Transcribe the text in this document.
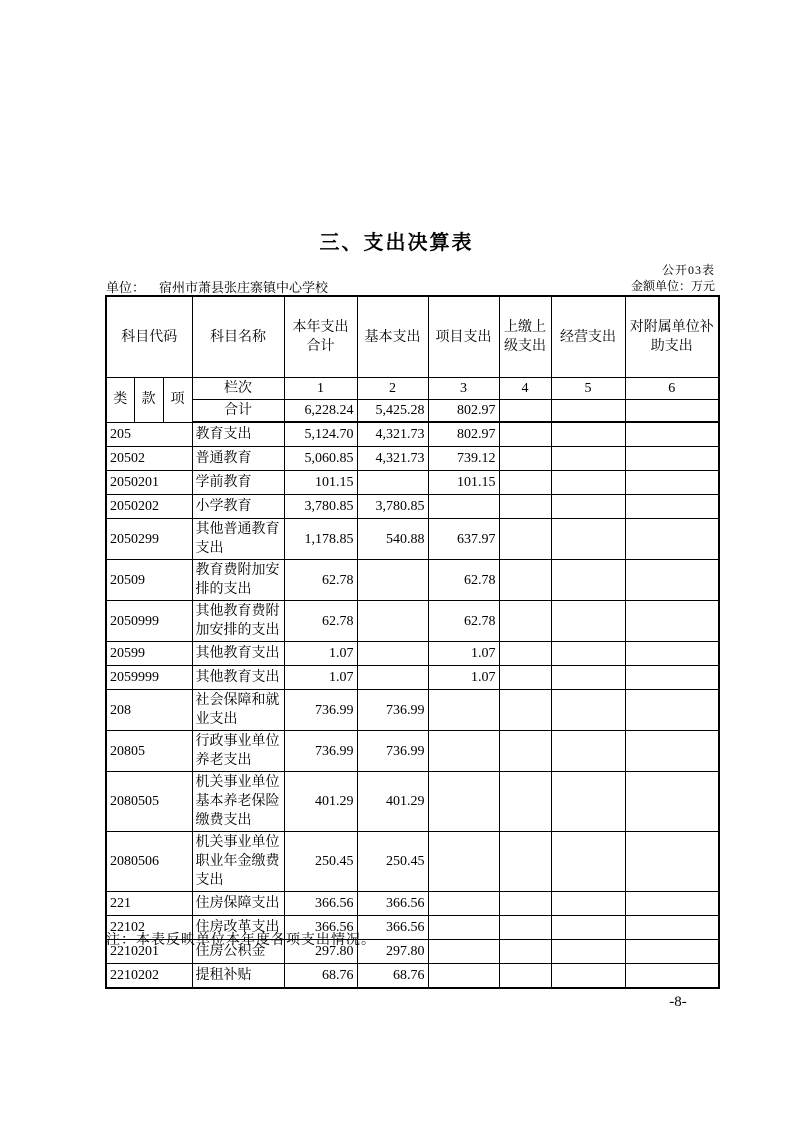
三、支出决算表
公开03表
单位： 宿州市萧县张庄寨镇中心学校	金额单位：万元
科目代码			科目名称	本年支出合计	基本支出	项目支出	上缴上级支出	经营支出	对附属单位补助支出
类	款	项	栏次	1	2	3	4	5	6
			合计	6,228.24	5,425.28	802.97			
205			教育支出	5,124.70	4,321.73	802.97			
20502			普通教育	5,060.85	4,321.73	739.12			
2050201			学前教育	101.15		101.15			
2050202			小学教育	3,780.85	3,780.85				
2050299			其他普通教育支出	1,178.85	540.88	637.97			
20509			教育费附加安排的支出	62.78		62.78			
2050999			其他教育费附加安排的支出	62.78		62.78			
20599			其他教育支出	1.07		1.07			
2059999			其他教育支出	1.07		1.07			
208			社会保障和就业支出	736.99	736.99				
20805			行政事业单位养老支出	736.99	736.99				
2080505			机关事业单位基本养老保险缴费支出	401.29	401.29				
2080506			机关事业单位职业年金缴费支出	250.45	250.45				
221			住房保障支出	366.56	366.56				
22102			住房改革支出	366.56	366.56				
2210201			住房公积金	297.80	297.80				
2210202			提租补贴	68.76	68.76				
注：本表反映单位本年度各项支出情况。
-8-
